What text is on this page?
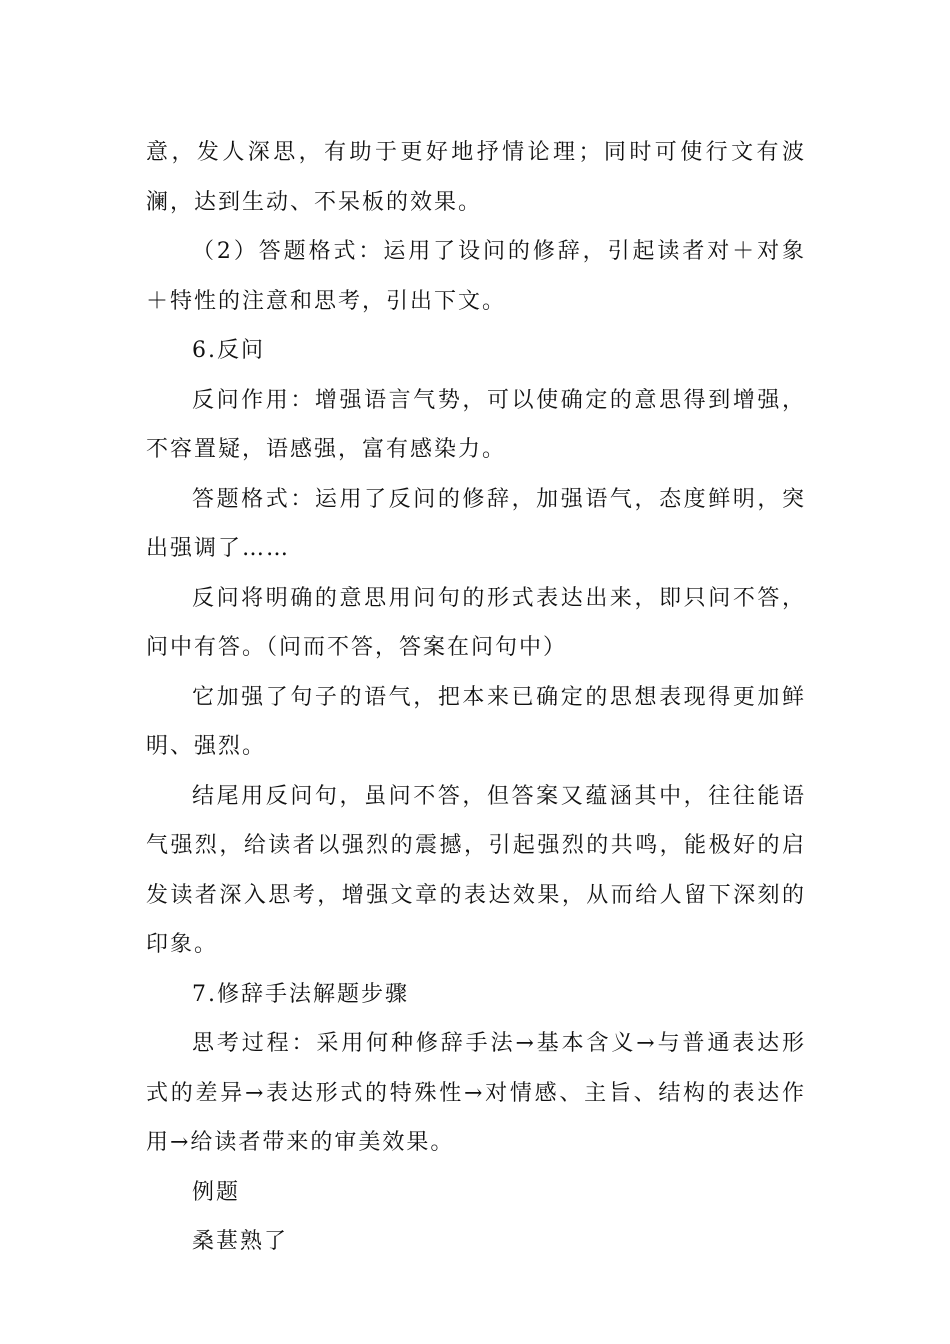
意，发人深思，有助于更好地抒情论理；同时可使行文有波澜，达到生动、不呆板的效果。

（2）答题格式：运用了设问的修辞，引起读者对＋对象＋特性的注意和思考，引出下文。

6.反问

反问作用：增强语言气势，可以使确定的意思得到增强，不容置疑，语感强，富有感染力。

答题格式：运用了反问的修辞，加强语气，态度鲜明，突出强调了……

反问将明确的意思用问句的形式表达出来，即只问不答，问中有答。（问而不答，答案在问句中）

它加强了句子的语气，把本来已确定的思想表现得更加鲜明、强烈。

结尾用反问句，虽问不答，但答案又蕴涵其中，往往能语气强烈，给读者以强烈的震撼，引起强烈的共鸣，能极好的启发读者深入思考，增强文章的表达效果，从而给人留下深刻的印象。

7.修辞手法解题步骤

思考过程：采用何种修辞手法→基本含义→与普通表达形式的差异→表达形式的特殊性→对情感、主旨、结构的表达作用→给读者带来的审美效果。

例题

桑葚熟了
